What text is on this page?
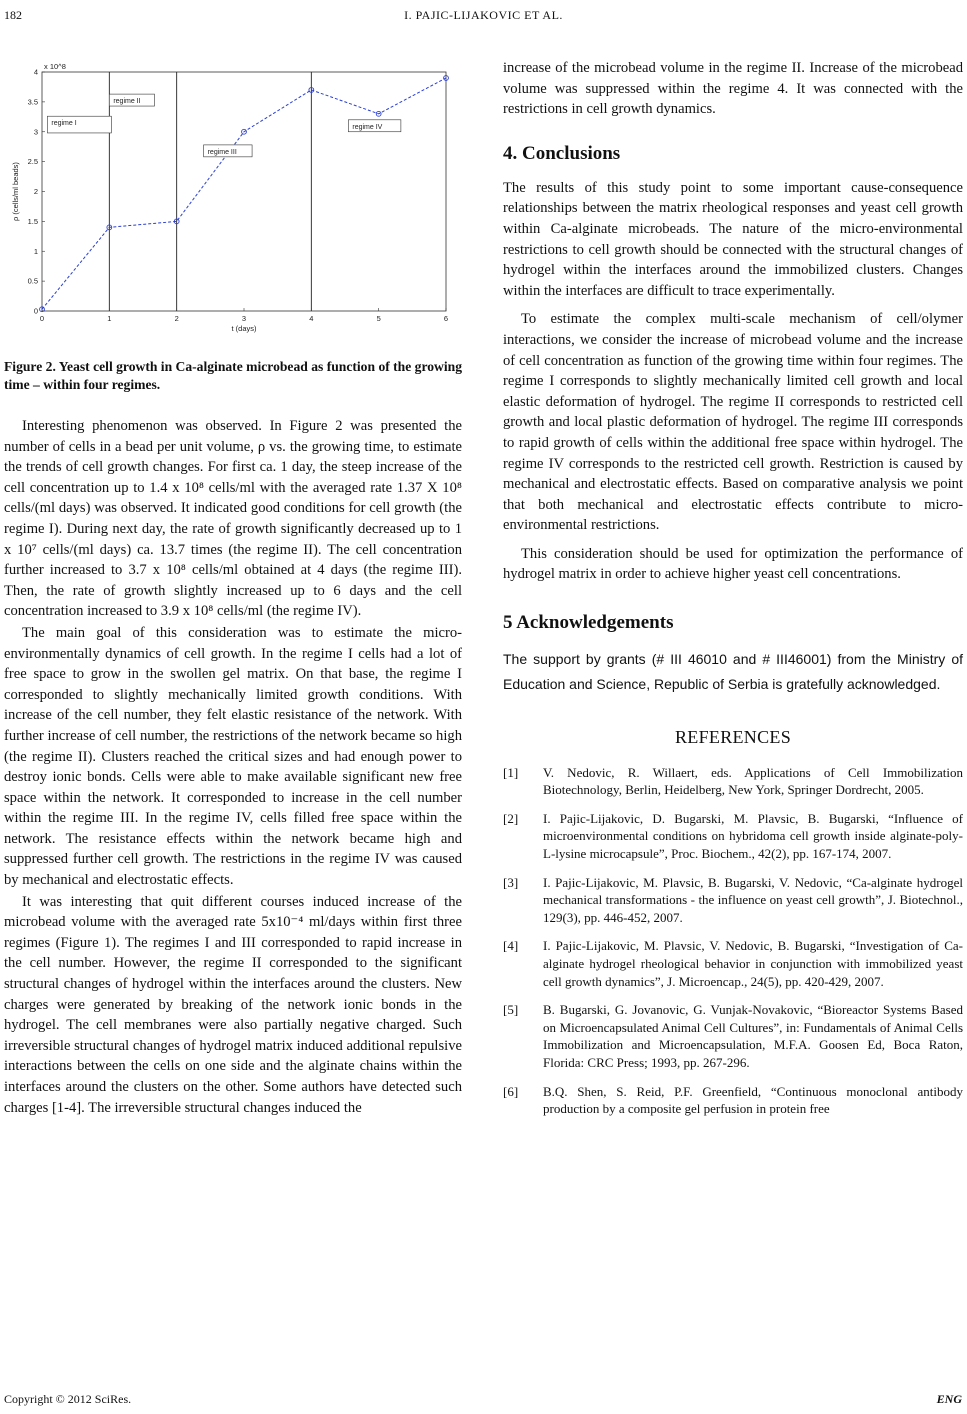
182	I. PAJIC-LIJAKOVIC ET AL.
0	1	2	3	4	5	6
0
0.5
1
1.5
2
2.5
3
3.5
4
x 10^8
t (days)
ρ (cells/ml beads)
regime I
regime II
regime III
regime IV
Figure 2. Yeast cell growth in Ca-alginate microbead as function of the growing time – within four regimes.

Interesting phenomenon was observed. In Figure 2 was presented the number of cells in a bead per unit volume, ρ vs. the growing time, to estimate the trends of cell growth changes. For first ca. 1 day, the steep increase of the cell concentration up to 1.4 x 10⁸ cells/ml with the averaged rate 1.37 X 10⁸ cells/(ml days) was observed. It indicated good conditions for cell growth (the regime I). During next day, the rate of growth significantly decreased up to 1 x 10⁷ cells/(ml days) ca. 13.7 times (the regime II). The cell concentration further increased to 3.7 x 10⁸ cells/ml obtained at 4 days (the regime III). Then, the rate of growth slightly increased up to 6 days and the cell concentration increased to 3.9 x 10⁸ cells/ml (the regime IV).

The main goal of this consideration was to estimate the micro-environmentally dynamics of cell growth. In the regime I cells had a lot of free space to grow in the swollen gel matrix. On that base, the regime I corresponded to slightly mechanically limited growth conditions. With increase of the cell number, they felt elastic resistance of the network. With further increase of cell number, the restrictions of the network became so high (the regime II). Clusters reached the critical sizes and had enough power to destroy ionic bonds. Cells were able to make available significant new free space within the network. It corresponded to increase in the cell number within the regime III. In the regime IV, cells filled free space within the network. The resistance effects within the network became high and suppressed further cell growth. The restrictions in the regime IV was caused by mechanical and electrostatic effects.

It was interesting that quit different courses induced increase of the microbead volume with the averaged rate 5x10⁻⁴ ml/days within first three regimes (Figure 1). The regimes I and III corresponded to rapid increase in the cell number. However, the regime II corresponded to the significant structural changes of hydrogel within the interfaces around the clusters. New charges were generated by breaking of the network ionic bonds in the hydrogel. The cell membranes were also partially negative charged. Such irreversible structural changes of hydrogel matrix induced additional repulsive interactions between the cells on one side and the alginate chains within the interfaces around the clusters on the other. Some authors have detected such charges [1-4]. The irreversible structural changes induced the

increase of the microbead volume in the regime II. Increase of the microbead volume was suppressed within the regime 4. It was connected with the restrictions in cell growth dynamics.

4. Conclusions

The results of this study point to some important cause-consequence relationships between the matrix rheological responses and yeast cell growth within Ca-alginate microbeads. The nature of the micro-environmental restrictions to cell growth should be connected with the structural changes of hydrogel within the interfaces around the immobilized clusters. Changes within the interfaces are difficult to trace experimentally.

To estimate the complex multi-scale mechanism of cell/olymer interactions, we consider the increase of microbead volume and the increase of cell concentration as function of the growing time within four regimes. The regime I corresponds to slightly mechanically limited cell growth and local elastic deformation of hydrogel. The regime II corresponds to restricted cell growth and local plastic deformation of hydrogel. The regime III corresponds to rapid growth of cells within the additional free space within hydrogel. The regime IV corresponds to the restricted cell growth. Restriction is caused by mechanical and electrostatic effects. Based on comparative analysis we point that both mechanical and electrostatic effects contribute to micro-environmental restrictions.

This consideration should be used for optimization the performance of hydrogel matrix in order to achieve higher yeast cell concentrations.

5 Acknowledgements
The support by grants (# III 46010 and # III46001) from the Ministry of Education and Science, Republic of Serbia is gratefully acknowledged.
REFERENCES
[1] V. Nedovic, R. Willaert, eds. Applications of Cell Immobilization Biotechnology, Berlin, Heidelberg, New York, Springer Dordrecht, 2005.
[2] I. Pajic-Lijakovic, D. Bugarski, M. Plavsic, B. Bugarski, “Influence of microenvironmental conditions on hybridoma cell growth inside alginate-poly-L-lysine microcapsule”, Proc. Biochem., 42(2), pp. 167-174, 2007.
[3] I. Pajic-Lijakovic, M. Plavsic, B. Bugarski, V. Nedovic, “Ca-alginate hydrogel mechanical transformations - the influence on yeast cell growth”, J. Biotechnol., 129(3), pp. 446-452, 2007.
[4] I. Pajic-Lijakovic, M. Plavsic, V. Nedovic, B. Bugarski, “Investigation of Ca-alginate hydrogel rheological behavior in conjunction with immobilized yeast cell growth dynamics”, J. Microencap., 24(5), pp. 420-429, 2007.
[5] B. Bugarski, G. Jovanovic, G. Vunjak-Novakovic, “Bioreactor Systems Based on Microencapsulated Animal Cell Cultures”, in: Fundamentals of Animal Cells Immobilization and Microencapsulation, M.F.A. Goosen Ed, Boca Raton, Florida: CRC Press; 1993, pp. 267-296.
[6] B.Q. Shen, S. Reid, P.F. Greenfield, “Continuous monoclonal antibody production by a composite gel perfusion in protein free
Copyright © 2012 SciRes.	ENG
